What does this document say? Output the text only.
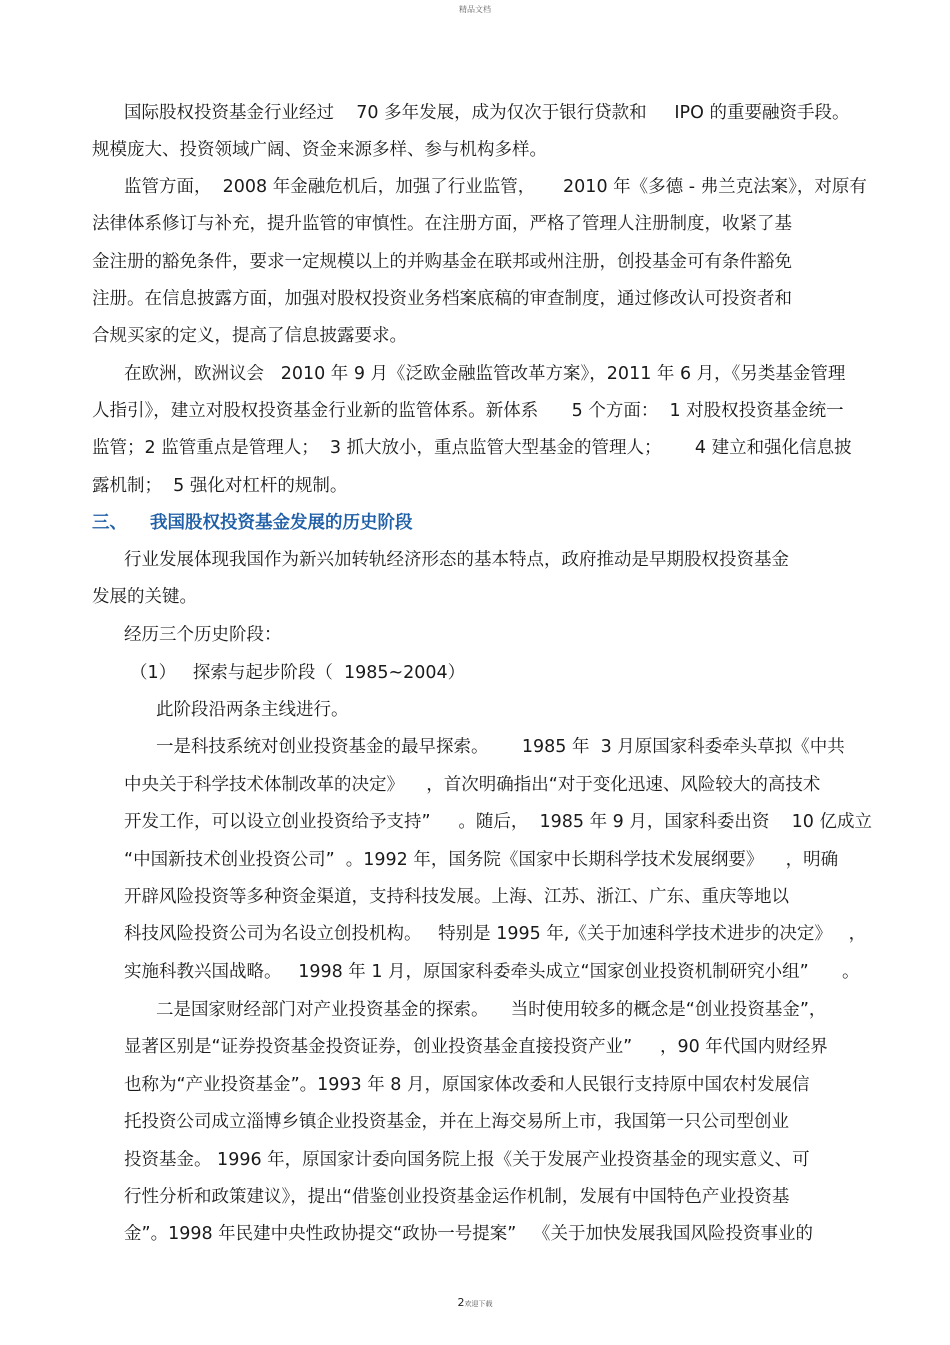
精品文档
国际股权投资基金行业经过    70 多年发展，成为仅次于银行贷款和     IPO 的重要融资手段。
规模庞大、投资领域广阔、资金来源多样、参与机构多样。
监管方面，  2008 年金融危机后，加强了行业监管，     2010 年《多德 - 弗兰克法案》，对原有
法律体系修订与补充，提升监管的审慎性。在注册方面，严格了管理人注册制度，收紧了基
金注册的豁免条件，要求一定规模以上的并购基金在联邦或州注册，创投基金可有条件豁免
注册。在信息披露方面，加强对股权投资业务档案底稿的审查制度，通过修改认可投资者和
合规买家的定义，提高了信息披露要求。
在欧洲，欧洲议会   2010 年 9 月《泛欧金融监管改革方案》，2011 年 6 月，《另类基金管理
人指引》，建立对股权投资基金行业新的监管体系。新体系      5 个方面：  1 对股权投资基金统一
监管；2 监管重点是管理人；  3 抓大放小，重点监管大型基金的管理人；      4 建立和强化信息披
露机制；  5 强化对杠杆的规制。
三、 我国股权投资基金发展的历史阶段
行业发展体现我国作为新兴加转轨经济形态的基本特点，政府推动是早期股权投资基金
发展的关键。
经历三个历史阶段：
（1）   探索与起步阶段（  1985~2004）
此阶段沿两条主线进行。
一是科技系统对创业投资基金的最早探索。      1985 年  3 月原国家科委牵头草拟《中共
中央关于科学技术体制改革的决定》    ，首次明确指出“对于变化迅速、风险较大的高技术
开发工作，可以设立创业投资给予支持”     。随后，  1985 年 9 月，国家科委出资    10 亿成立
“中国新技术创业投资公司”  。1992 年，国务院《国家中长期科学技术发展纲要》    ，明确
开辟风险投资等多种资金渠道，支持科技发展。上海、江苏、浙江、广东、重庆等地以
科技风险投资公司为名设立创投机构。   特别是 1995 年,《关于加速科学技术进步的决定》   ，
实施科教兴国战略。   1998 年 1 月，原国家科委牵头成立“国家创业投资机制研究小组”      。
二是国家财经部门对产业投资基金的探索。    当时使用较多的概念是“创业投资基金”，
显著区别是“证券投资基金投资证券，创业投资基金直接投资产业”     ，90 年代国内财经界
也称为“产业投资基金”。1993 年 8 月，原国家体改委和人民银行支持原中国农村发展信
托投资公司成立淄博乡镇企业投资基金，并在上海交易所上市，我国第一只公司型创业
投资基金。 1996 年，原国家计委向国务院上报《关于发展产业投资基金的现实意义、可
行性分析和政策建议》，提出“借鉴创业投资基金运作机制，发展有中国特色产业投资基
金”。1998 年民建中央性政协提交“政协一号提案”   《关于加快发展我国风险投资事业的
2欢迎下载
